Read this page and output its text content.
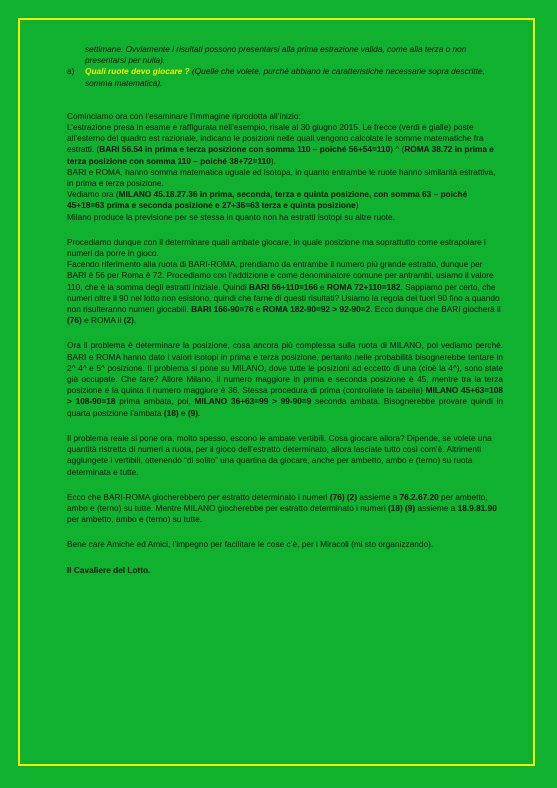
settimane. Ovviamente i risultati possono presentarsi alla prima estrazione valida, come alla terza o non presentarsi per nulla).

a)	Quali ruote devo giocare ? (Quelle che volete, purché abbiano le caratteristiche necessarie sopra descritte, somma matematica).

Cominciamo ora con l’esaminare l’immagine riprodotta all’inizio:
L’estrazione presa in esame e raffigurata nell’esempio, risale al 30 giugno 2015. Le frecce (verdi e gialle) poste all’esterno del quadro est razionale, indicano le posizioni nelle quali vengono calcolate le somme matematiche fra estratti. (BARI 56.54 in prima e terza posizione con somma 110 – poiché 56+54=110) ^ (ROMA 38.72 in prima e terza posizione con somma 110 – poiché 38+72=110).
BARI e ROMA, hanno somma matematica uguale ed isotopa, in quanto entrambe le ruote hanno similarità estrattiva, in prima e terza posizione.
Vediamo ora (MILANO 45.18.27.36 in prima, seconda, terza e quinta posizione, con somma 63 – poiché 45+18=63 prima e seconda posizione e 27+36=63 terza e quinta posizione)
Milano produce la previsione per se stessa in quanto non ha estratti isotopi su altre ruote.

Procediamo dunque con il determinare quali ambate giocare, in quale posizione ma soprattutto come estrapolare i numeri da porre in gioco.
Facendo riferimento alla ruota di BARI-ROMA, prendiamo da entrambe il numero più grande estratto, dunque per BARI è 56 per Roma è 72. Procediamo con l’addizione e come denominatore comune per antrambi, usiamo il valore 110, che è la somma degli estratti iniziale. Quindi BARI 56+110=166 e ROMA 72+110=182. Sappiamo per certo, che numeri oltre il 90 nel lotto non esistono, quindi che farne di questi risultati? Usiamo la regola del fuori 90 fino a quando non risulteranno numeri giocabili. BARI 166-90=76 e ROMA 182-90=92 > 92-90=2. Ecco dunque che BARI giocherà il (76) e ROMA il (2).

Ora il problema è determinare la posizione, cosa ancora più complessa sulla ruota di MILANO, poi vediamo perché. BARI e ROMA hanno dato i valori isotopi in prima e terza posizione, pertanto nelle probabilità bisognerebbe tentare in 2^ 4^ e 5^ posizione. Il problema si pone su MILANO, dove tutte le posizioni ad eccetto di una (cioè la 4^), sono state già occupate. Che fare? Allore Milano, il numero maggiore in prima e seconda posizione è 45, mentre tra la terza posizione e la quinta il numero maggiore è 36. Stessa procedura di prima (controllate la tabella) MILANO 45+63=108 > 108-90=18 prima ambata, poi, MILANO 36+63=99 > 99-90=9 seconda ambata. Bisognerebbe provare quindi in quarta posizione l’ambata (18) e (9).

Il problema reale si pone ora, molto spesso, escono le ambate vertibili. Cosa giocare allora? Dipende, se volete una quantità ristretta di numeri a ruota, per il gioco dell’estratto determinato, allora lasciate tutto così com’è. Altrimenti aggiungete i vertibili, ottenendo “di solito” una quartina da giocare, anche per ambetto, ambo e (terno) su ruota determinata e tutte.

Ecco che BARI-ROMA giocherebbero per estratto determinato i numeri (76) (2) assieme a 76.2.67.20 per ambetto, ambo e (terno) su tutte. Mentre MILANO giocherebbe per estratto determinato i numeri (18) (9) assieme a 18.9.81.90 per ambetto, ambo e (terno) su tutte.

Bene care Amiche ed Amici, l’impegno per facilitare le cose c’è, per i Miracoli (mi sto organizzando).

Il Cavaliere del Lotto.
